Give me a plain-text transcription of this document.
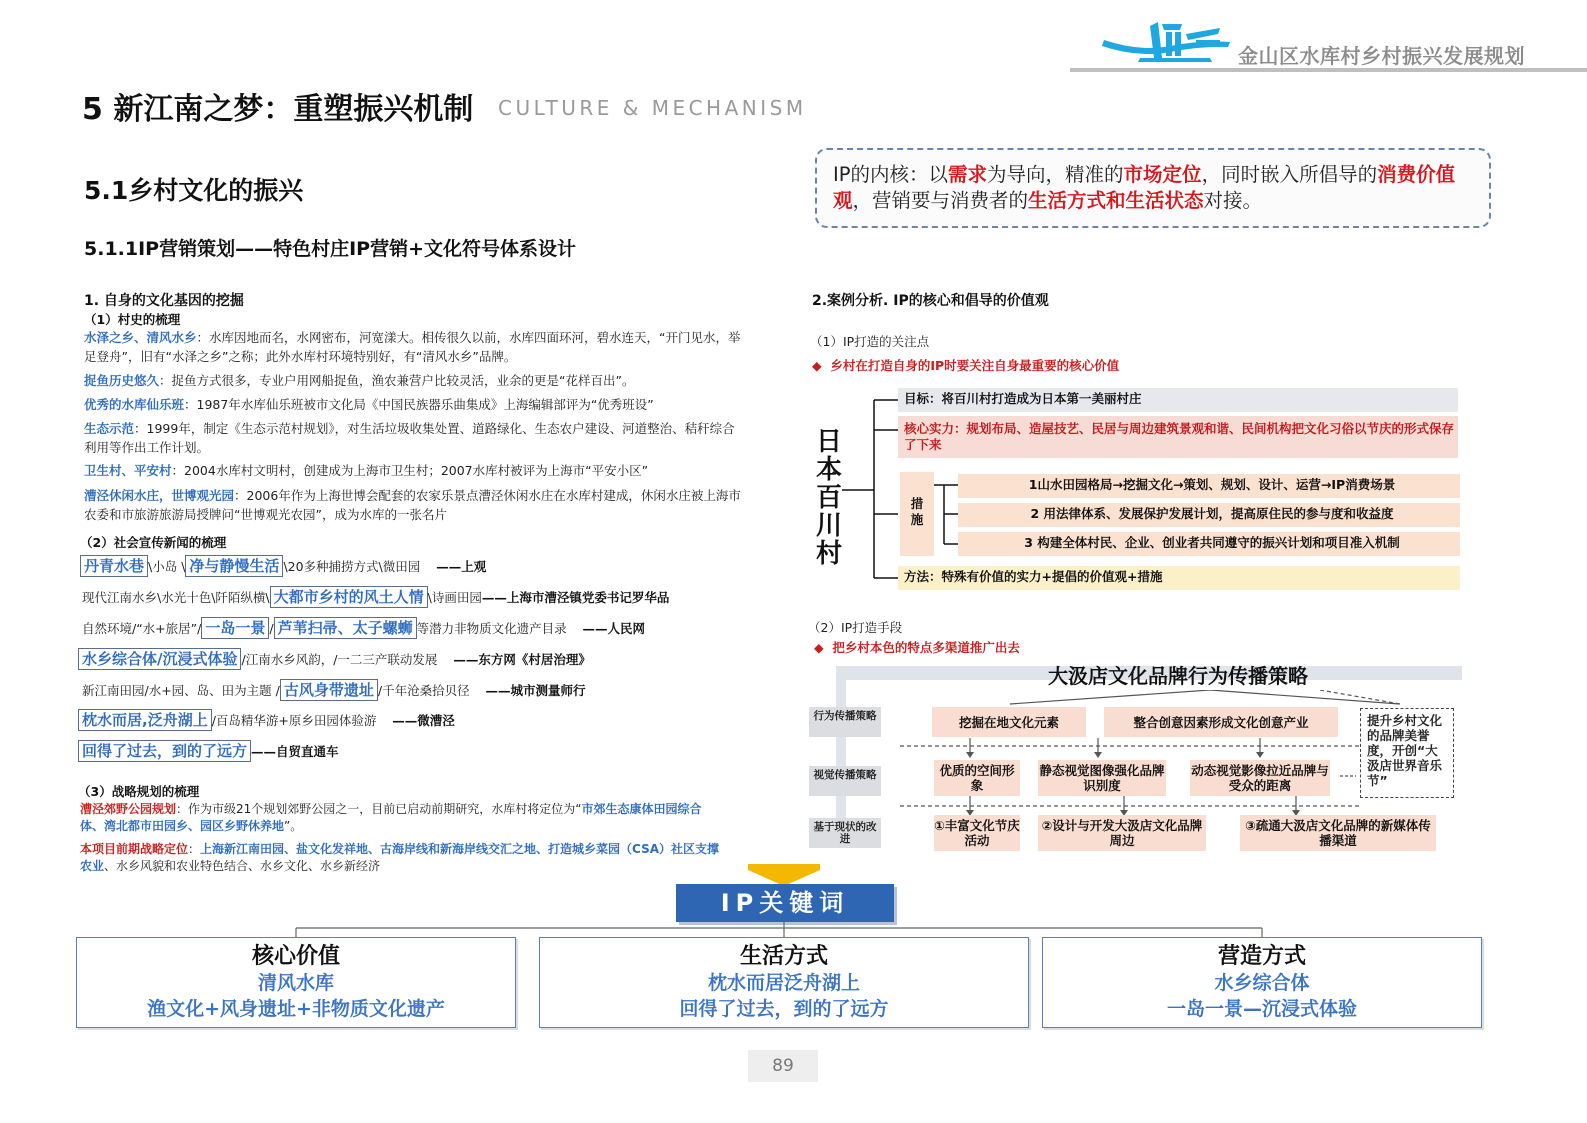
金山区水库村乡村振兴发展规划
5 新江南之梦：重塑振兴机制 CULTURE & MECHANISM
5.1乡村文化的振兴
5.1.1IP营销策划——特色村庄IP营销+文化符号体系设计
IP的内核：以需求为导向，精准的市场定位，同时嵌入所倡导的消费价值观，营销要与消费者的生活方式和生活状态对接。
1. 自身的文化基因的挖掘
（1）村史的梳理
水泽之乡、清风水乡：水库因地而名，水网密布，河宽漾大。相传很久以前，水库四面环河，碧水连天，“开门见水，举足登舟”，旧有“水泽之乡”之称；此外水库村环境特别好，有“清风水乡”品牌。
捉鱼历史悠久：捉鱼方式很多，专业户用网船捉鱼，渔农兼营户比较灵活，业余的更是“花样百出”。
优秀的水库仙乐班：1987年水库仙乐班被市文化局《中国民族器乐曲集成》上海编辑部评为“优秀班设”
生态示范：1999年，制定《生态示范村规划》，对生活垃圾收集处置、道路绿化、生态农户建设、河道整治、秸秆综合利用等作出工作计划。
卫生村、平安村：2004水库村文明村，创建成为上海市卫生村；2007水库村被评为上海市“平安小区”
漕泾休闲水庄，世博观光园：2006年作为上海世博会配套的农家乐景点漕泾休闲水庄在水库村建成，休闲水庄被上海市农委和市旅游旅游局授牌问“世博观光农园”，成为水库的一张名片
（2）社会宣传新闻的梳理
丹青水巷 \小岛 \ 净与静慢生活 \20多种捕捞方式\微田园 ——上观
现代江南水乡\水光十色\阡陌纵横\ 大都市乡村的风土人情 \诗画田园——上海市漕泾镇党委书记罗华品
自然环境/“水+旅居”/ 一岛一景 / 芦苇扫帚、太子螺蛳 等潜力非物质文化遗产目录 ——人民网
水乡综合体/沉浸式体验 /江南水乡风韵，/一二三产联动发展 ——东方网《村居治理》
新江南田园/水+园、岛、田为主题 / 古风身带遗址 /千年沧桑拾贝径 ——城市测量师行
枕水而居,泛舟湖上 /百岛精华游+原乡田园体验游 ——微漕泾
回得了过去，到的了远方 ——自贸直通车
（3）战略规划的梳理
漕泾郊野公园规划：作为市级21个规划郊野公园之一，目前已启动前期研究，水库村将定位为“市郊生态康体田园综合体、湾北都市田园乡、园区乡野休养地”。
本项目前期战略定位：上海新江南田园、盐文化发祥地、古海岸线和新海岸线交汇之地、打造城乡菜园（CSA）社区支撑农业、水乡风貌和农业特色结合、水乡文化、水乡新经济
2.案例分析. IP的核心和倡导的价值观
（1）IP打造的关注点
◆ 乡村在打造自身的IP时要关注自身最重要的核心价值
日
本
百
川
村
目标：将百川村打造成为日本第一美丽村庄
核心实力：规划布局、造屋技艺、民居与周边建筑景观和谐、民间机构把文化习俗以节庆的形式保存了下来
措
施
1山水田园格局→挖掘文化→策划、规划、设计、运营→IP消费场景
2 用法律体系、发展保护发展计划，提高原住民的参与度和收益度
3 构建全体村民、企业、创业者共同遵守的振兴计划和项目准入机制
方法：特殊有价值的实力+提倡的价值观+措施
（2）IP打造手段
◆ 把乡村本色的特点多渠道推广出去
大汲店文化品牌行为传播策略
行为传播策略
视觉传播策略
基于现状的改进
挖掘在地文化元素	整合创意因素形成文化创意产业
优质的空间形象
静态视觉图像强化品牌识别度
动态视觉影像拉近品牌与受众的距离
①丰富文化节庆活动
②设计与开发大汲店文化品牌周边
③疏通大汲店文化品牌的新媒体传播渠道
提升乡村文化的品牌美誉度，开创“大汲店世界音乐节”
IP关键词
核心价值
清风水库
渔文化+风身遗址+非物质文化遗产
生活方式
枕水而居泛舟湖上
回得了过去，到的了远方
营造方式
水乡综合体
一岛一景—沉浸式体验
89
